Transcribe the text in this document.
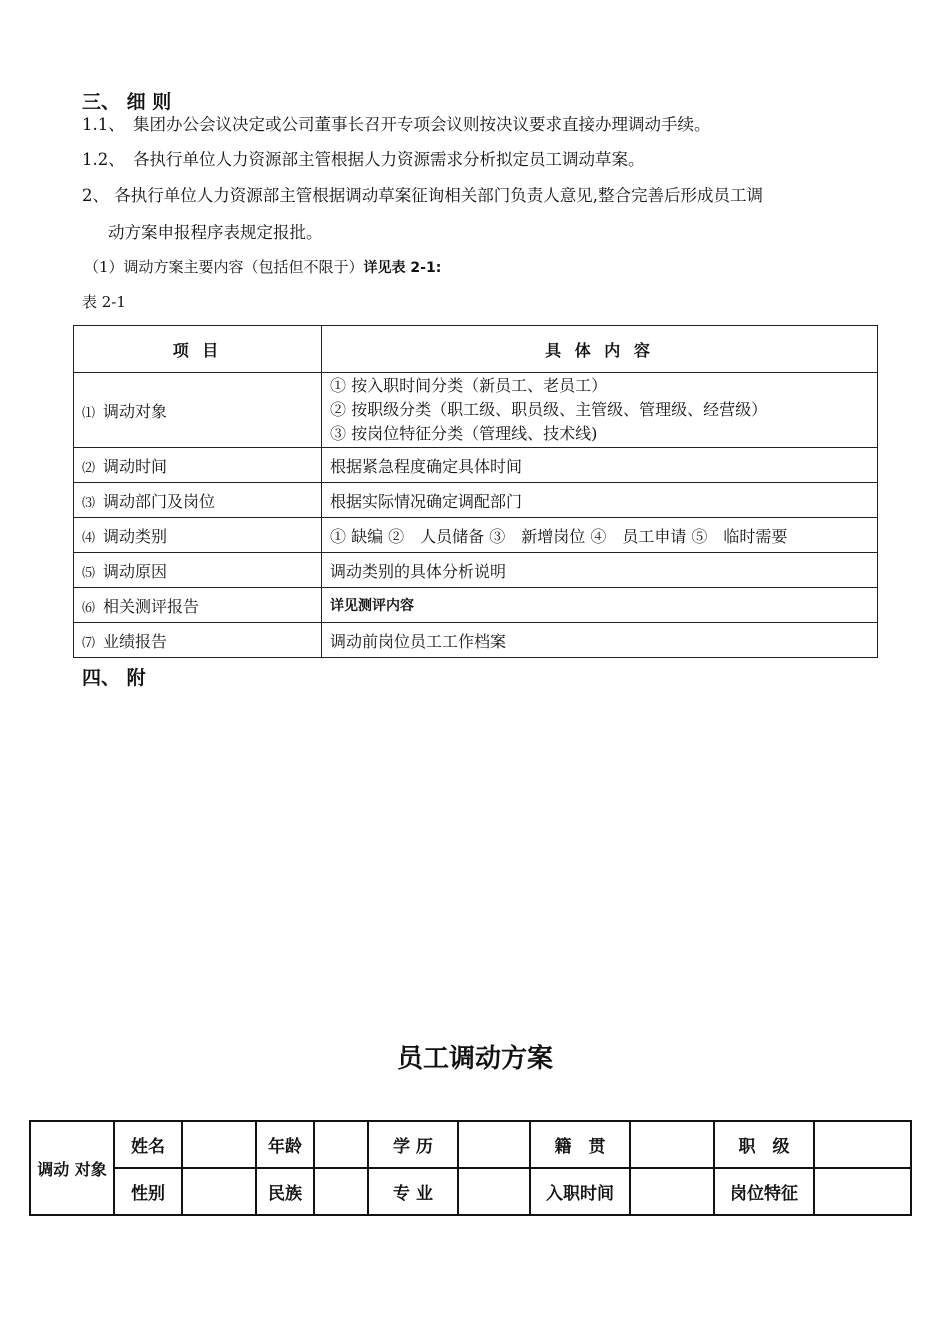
三、 细 则
1.1、　集团办公会议决定或公司董事长召开专项会议则按决议要求直接办理调动手续。
1.2、　各执行单位人力资源部主管根据人力资源需求分析拟定员工调动草案。
2、 各执行单位人力资源部主管根据调动草案征询相关部门负责人意见,整合完善后形成员工调
动方案申报程序表规定报批。
（1）调动方案主要内容（包括但不限于）详见表 2-1:
表 2-1
项 目	具 体 内 容
⑴ 调动对象	① 按入职时间分类（新员工、老员工）
② 按职级分类（职工级、职员级、主管级、管理级、经营级）
③ 按岗位特征分类（管理线、技术线)

⑵ 调动时间	根据紧急程度确定具体时间
⑶ 调动部门及岗位	根据实际情况确定调配部门
⑷ 调动类别	① 缺编 ②　人员储备 ③　新增岗位 ④　员工申请 ⑤　临时需要
⑸ 调动原因	调动类别的具体分析说明
⑹ 相关测评报告	详见测评内容
⑺ 业绩报告	调动前岗位员工工作档案
四、 附
员工调动方案
调动 对象	姓名		年龄		学 历		籍　贯		职　级	
	性别		民族		专 业		入职时间		岗位特征	
